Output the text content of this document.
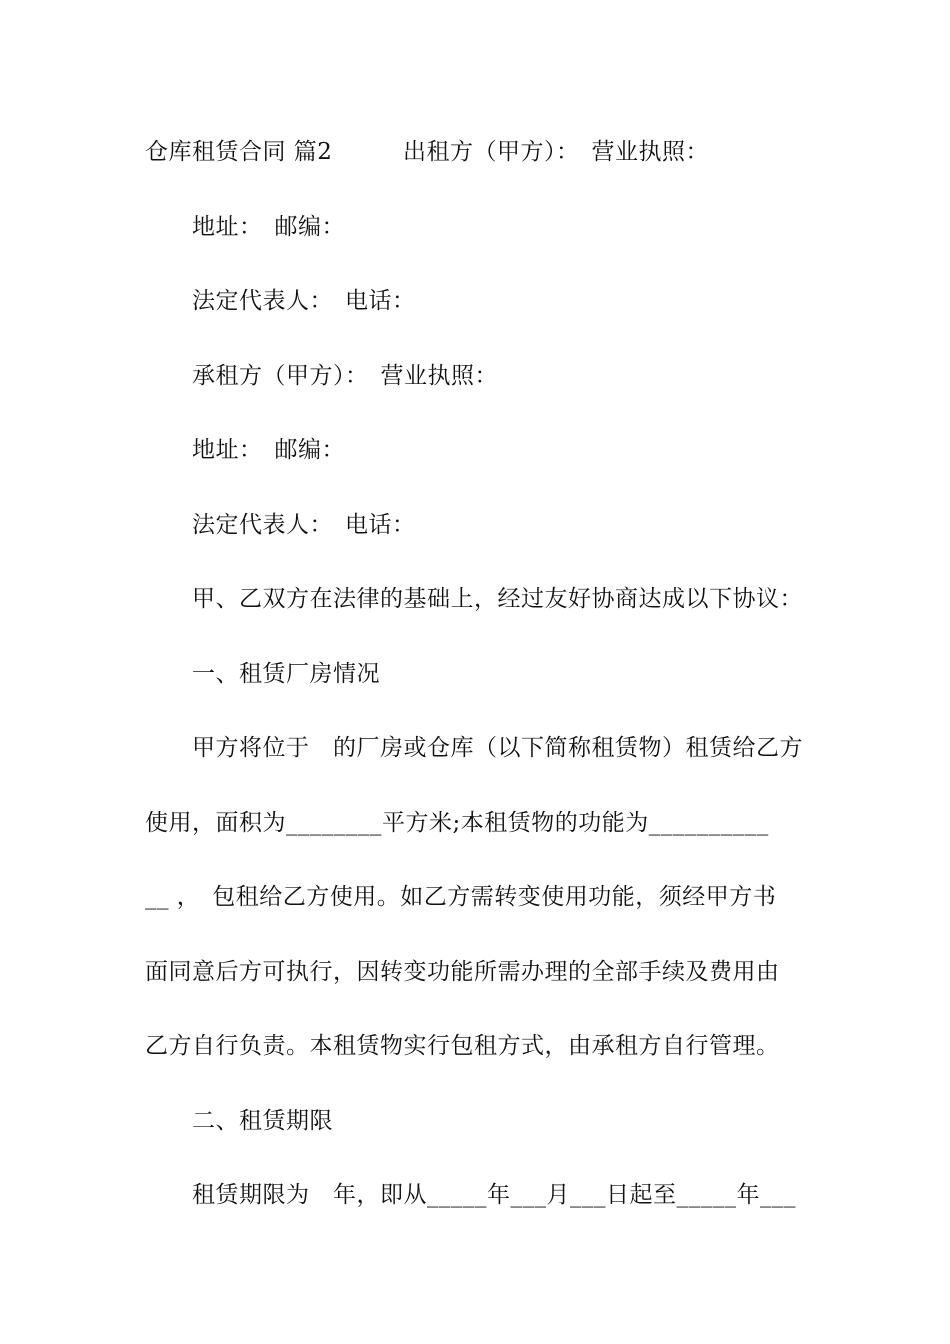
仓库租赁合同 篇2　　　出租方（甲方）：　营业执照：
地址：　邮编：
法定代表人：　电话：
承租方（甲方）：　营业执照：
地址：　邮编：
法定代表人：　电话：
甲、乙双方在法律的基础上，经过友好协商达成以下协议：
一、租赁厂房情况
甲方将位于　的厂房或仓库（以下简称租赁物）租赁给乙方
使用，面积为________平方米;本租赁物的功能为__________
__ ，　包租给乙方使用。如乙方需转变使用功能，须经甲方书
面同意后方可执行，因转变功能所需办理的全部手续及费用由
乙方自行负责。本租赁物实行包租方式，由承租方自行管理。
二、租赁期限
租赁期限为　年，即从_____年___月___日起至_____年___
